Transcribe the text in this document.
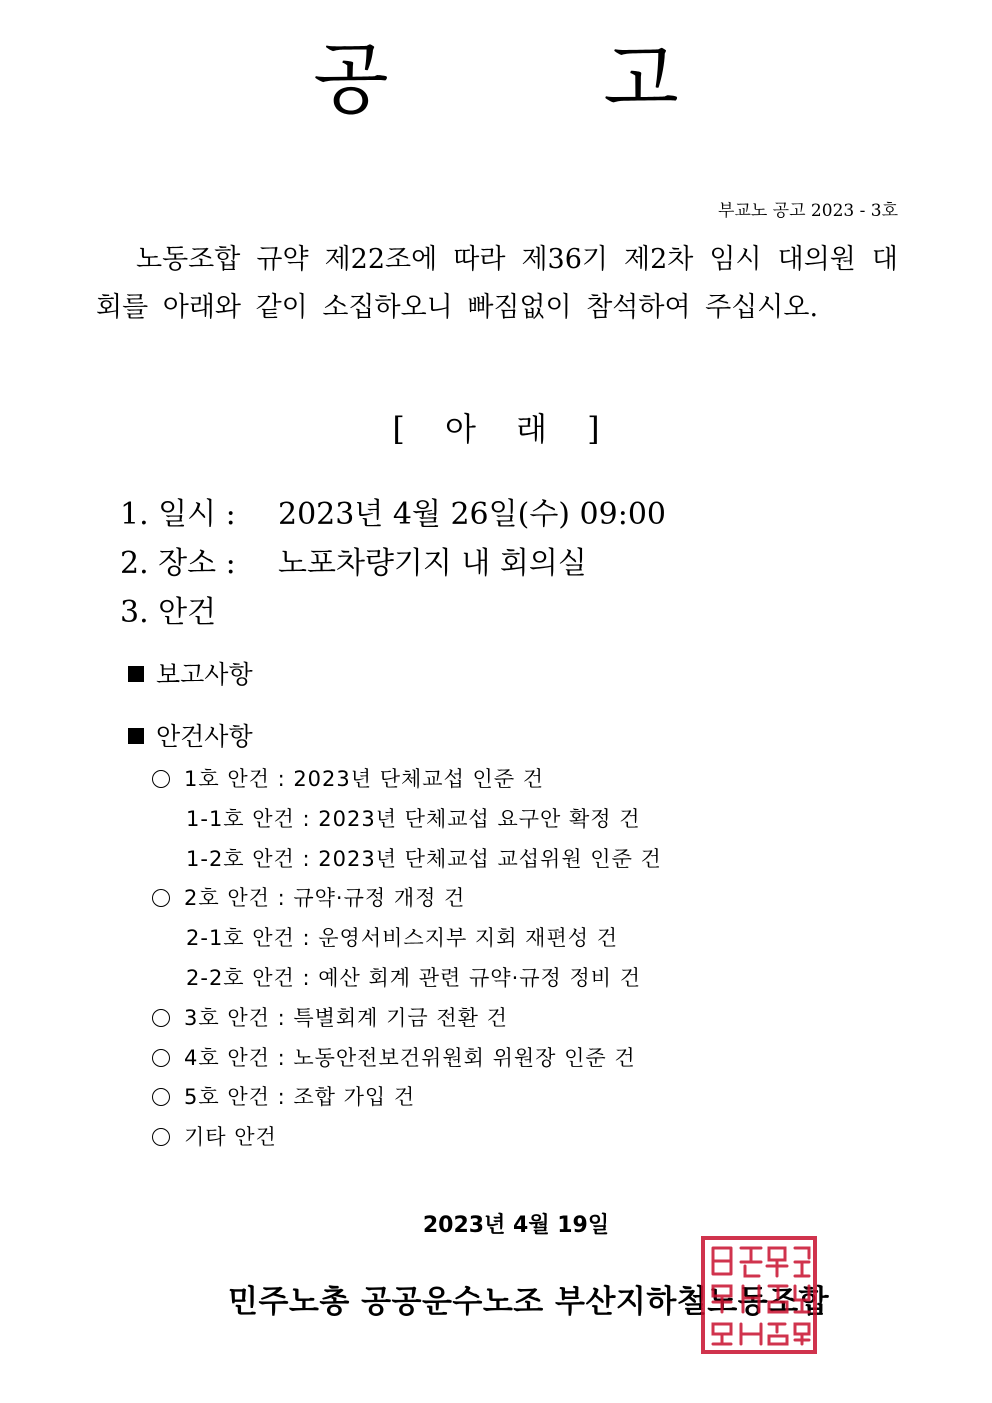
공 고
부교노 공고 2023 - 3호
노동조합 규약 제22조에 따라 제36기 제2차 임시 대의원 대회를 아래와 같이 소집하오니 빠짐없이 참석하여 주십시오.
[ 아 래 ]
1. 일시 :	2023년 4월 26일(수) 09:00
2. 장소 :	노포차량기지 내 회의실
3. 안건
보고사항
안건사항
1호 안건 : 2023년 단체교섭 인준 건
1-1호 안건 : 2023년 단체교섭 요구안 확정 건
1-2호 안건 : 2023년 단체교섭 교섭위원 인준 건
2호 안건 : 규약·규정 개정 건
2-1호 안건 : 운영서비스지부 지회 재편성 건
2-2호 안건 : 예산 회계 관련 규약·규정 정비 건
3호 안건 : 특별회계 기금 전환 건
4호 안건 : 노동안전보건위원회 위원장 인준 건
5호 안건 : 조합 가입 건
기타 안건
2023년 4월 19일
민주노총 공공운수노조 부산지하철노동조합
